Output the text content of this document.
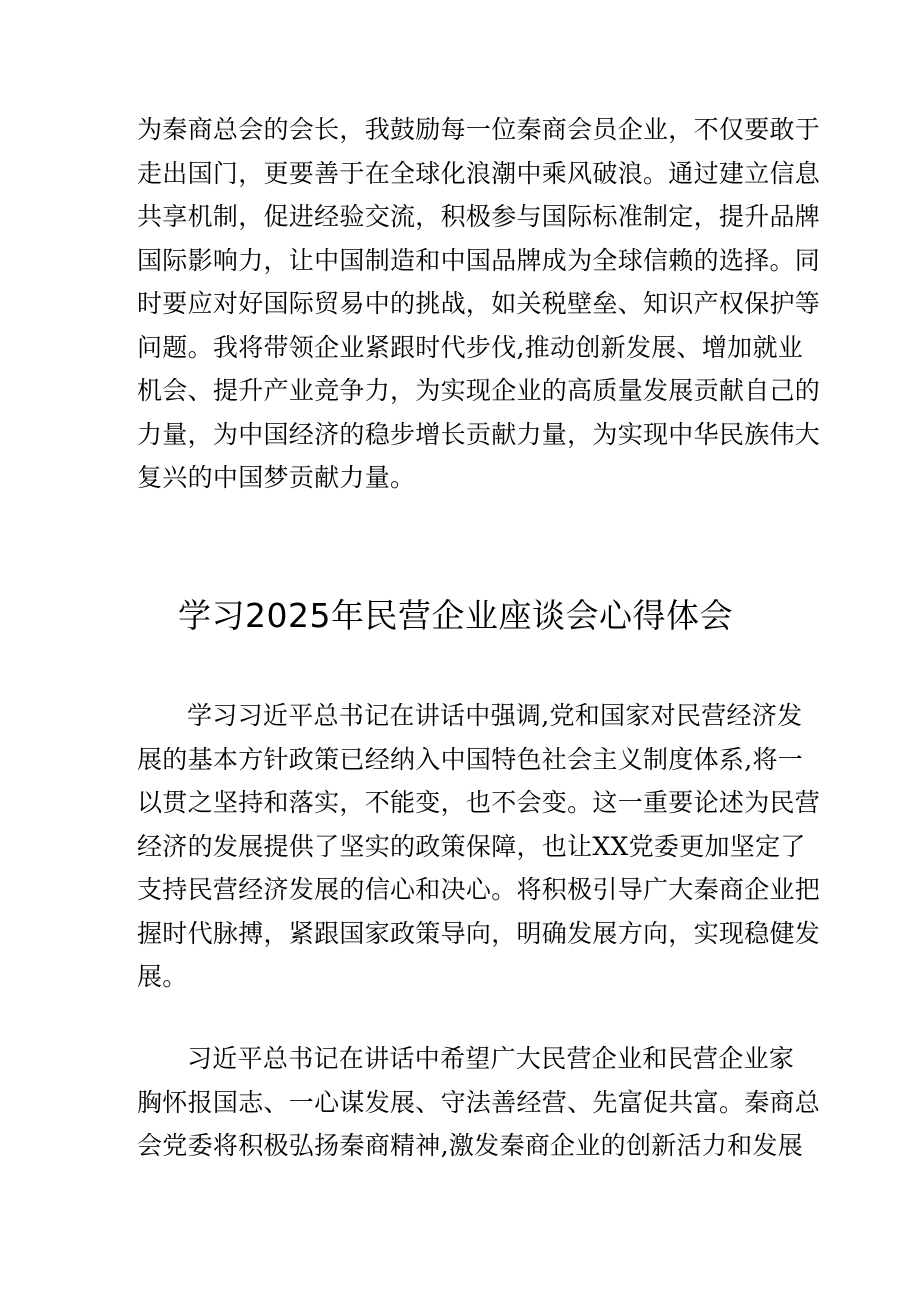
为秦商总会的会长，我鼓励每一位秦商会员企业，不仅要敢于
走出国门，更要善于在全球化浪潮中乘风破浪。通过建立信息
共享机制，促进经验交流，积极参与国际标准制定，提升品牌
国际影响力，让中国制造和中国品牌成为全球信赖的选择。同
时要应对好国际贸易中的挑战，如关税壁垒、知识产权保护等
问题。我将带领企业紧跟时代步伐,推动创新发展、增加就业
机会、提升产业竞争力，为实现企业的高质量发展贡献自己的
力量，为中国经济的稳步增长贡献力量，为实现中华民族伟大
复兴的中国梦贡献力量。
学习2025年民营企业座谈会心得体会
学习习近平总书记在讲话中强调,党和国家对民营经济发
展的基本方针政策已经纳入中国特色社会主义制度体系,将一
以贯之坚持和落实，不能变，也不会变。这一重要论述为民营
经济的发展提供了坚实的政策保障，也让XX党委更加坚定了
支持民营经济发展的信心和决心。将积极引导广大秦商企业把
握时代脉搏，紧跟国家政策导向，明确发展方向，实现稳健发
展。
习近平总书记在讲话中希望广大民营企业和民营企业家
胸怀报国志、一心谋发展、守法善经营、先富促共富。秦商总
会党委将积极弘扬秦商精神,激发秦商企业的创新活力和发展
